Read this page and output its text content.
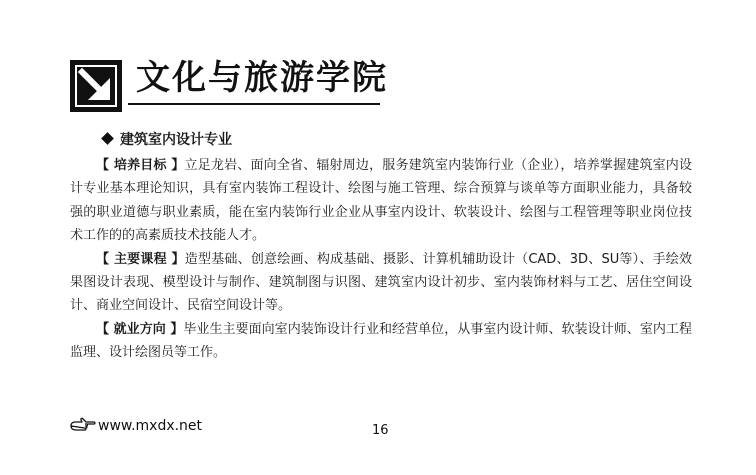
文化与旅游学院
建筑室内设计专业

【 培养目标 】立足龙岩、面向全省、辐射周边，服务建筑室内装饰行业（企业），培养掌握建筑室内设计专业基本理论知识，具有室内装饰工程设计、绘图与施工管理、综合预算与谈单等方面职业能力，具备较强的职业道德与职业素质，能在室内装饰行业企业从事室内设计、软装设计、绘图与工程管理等职业岗位技术工作的的高素质技术技能人才。

【 主要课程 】造型基础、创意绘画、构成基础、摄影、计算机辅助设计（CAD、3D、SU等）、手绘效果图设计表现、模型设计与制作、建筑制图与识图、建筑室内设计初步、室内装饰材料与工艺、居住空间设计、商业空间设计、民宿空间设计等。

【 就业方向 】毕业生主要面向室内装饰设计行业和经营单位，从事室内设计师、软装设计师、室内工程监理、设计绘图员等工作。

www.mxdx.net	16
